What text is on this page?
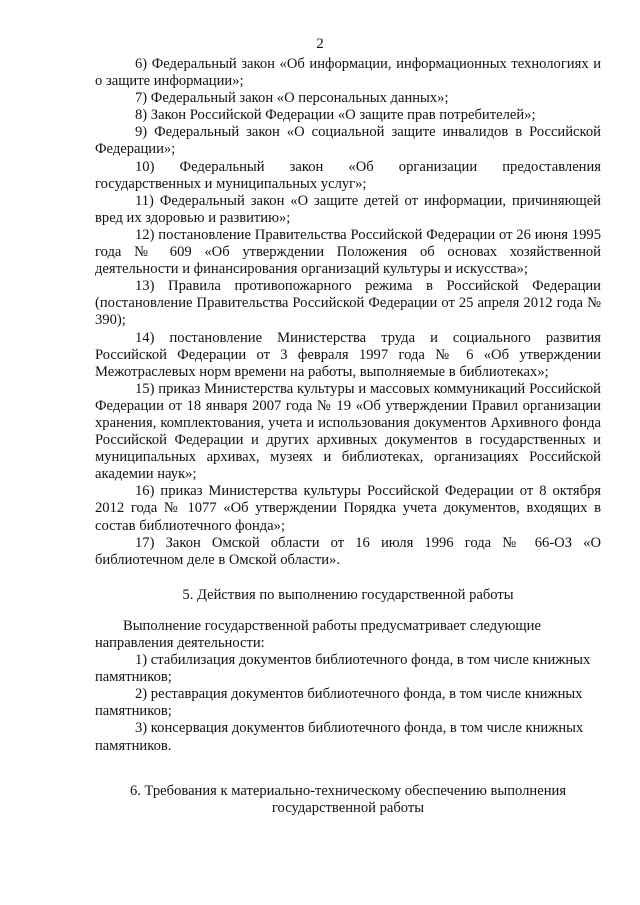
2

6) Федеральный закон «Об информации, информационных технологиях и о защите информации»;

7) Федеральный закон «О персональных данных»;

8) Закон Российской Федерации «О защите прав потребителей»;

9) Федеральный закон «О социальной защите инвалидов в Российской Федерации»;

10) Федеральный закон «Об организации предоставления государственных и муниципальных услуг»;

11) Федеральный закон «О защите детей от информации, причиняющей вред их здоровью и развитию»;

12) постановление Правительства Российской Федерации от 26 июня 1995 года № 609 «Об утверждении Положения об основах хозяйственной деятельности и финансирования организаций культуры и искусства»;

13) Правила противопожарного режима в Российской Федерации (постановление Правительства Российской Федерации от 25 апреля 2012 года № 390);

14) постановление Министерства труда и социального развития Российской Федерации от 3 февраля 1997 года № 6 «Об утверждении Межотраслевых норм времени на работы, выполняемые в библиотеках»;

15) приказ Министерства культуры и массовых коммуникаций Российской Федерации от 18 января 2007 года № 19 «Об утверждении Правил организации хранения, комплектования, учета и использования документов Архивного фонда Российской Федерации и других архивных документов в государственных и муниципальных архивах, музеях и библиотеках, организациях Российской академии наук»;

16) приказ Министерства культуры Российской Федерации от 8 октября 2012 года № 1077 «Об утверждении Порядка учета документов, входящих в состав библиотечного фонда»;

17) Закон Омской области от 16 июля 1996 года № 66-ОЗ «О библиотечном деле в Омской области».

5. Действия по выполнению государственной работы

Выполнение государственной работы предусматривает следующие направления деятельности:

1) стабилизация документов библиотечного фонда, в том числе книжных памятников;

2) реставрация документов библиотечного фонда, в том числе книжных памятников;

3) консервация документов библиотечного фонда, в том числе книжных памятников.

6. Требования к материально-техническому обеспечению выполнения государственной работы
